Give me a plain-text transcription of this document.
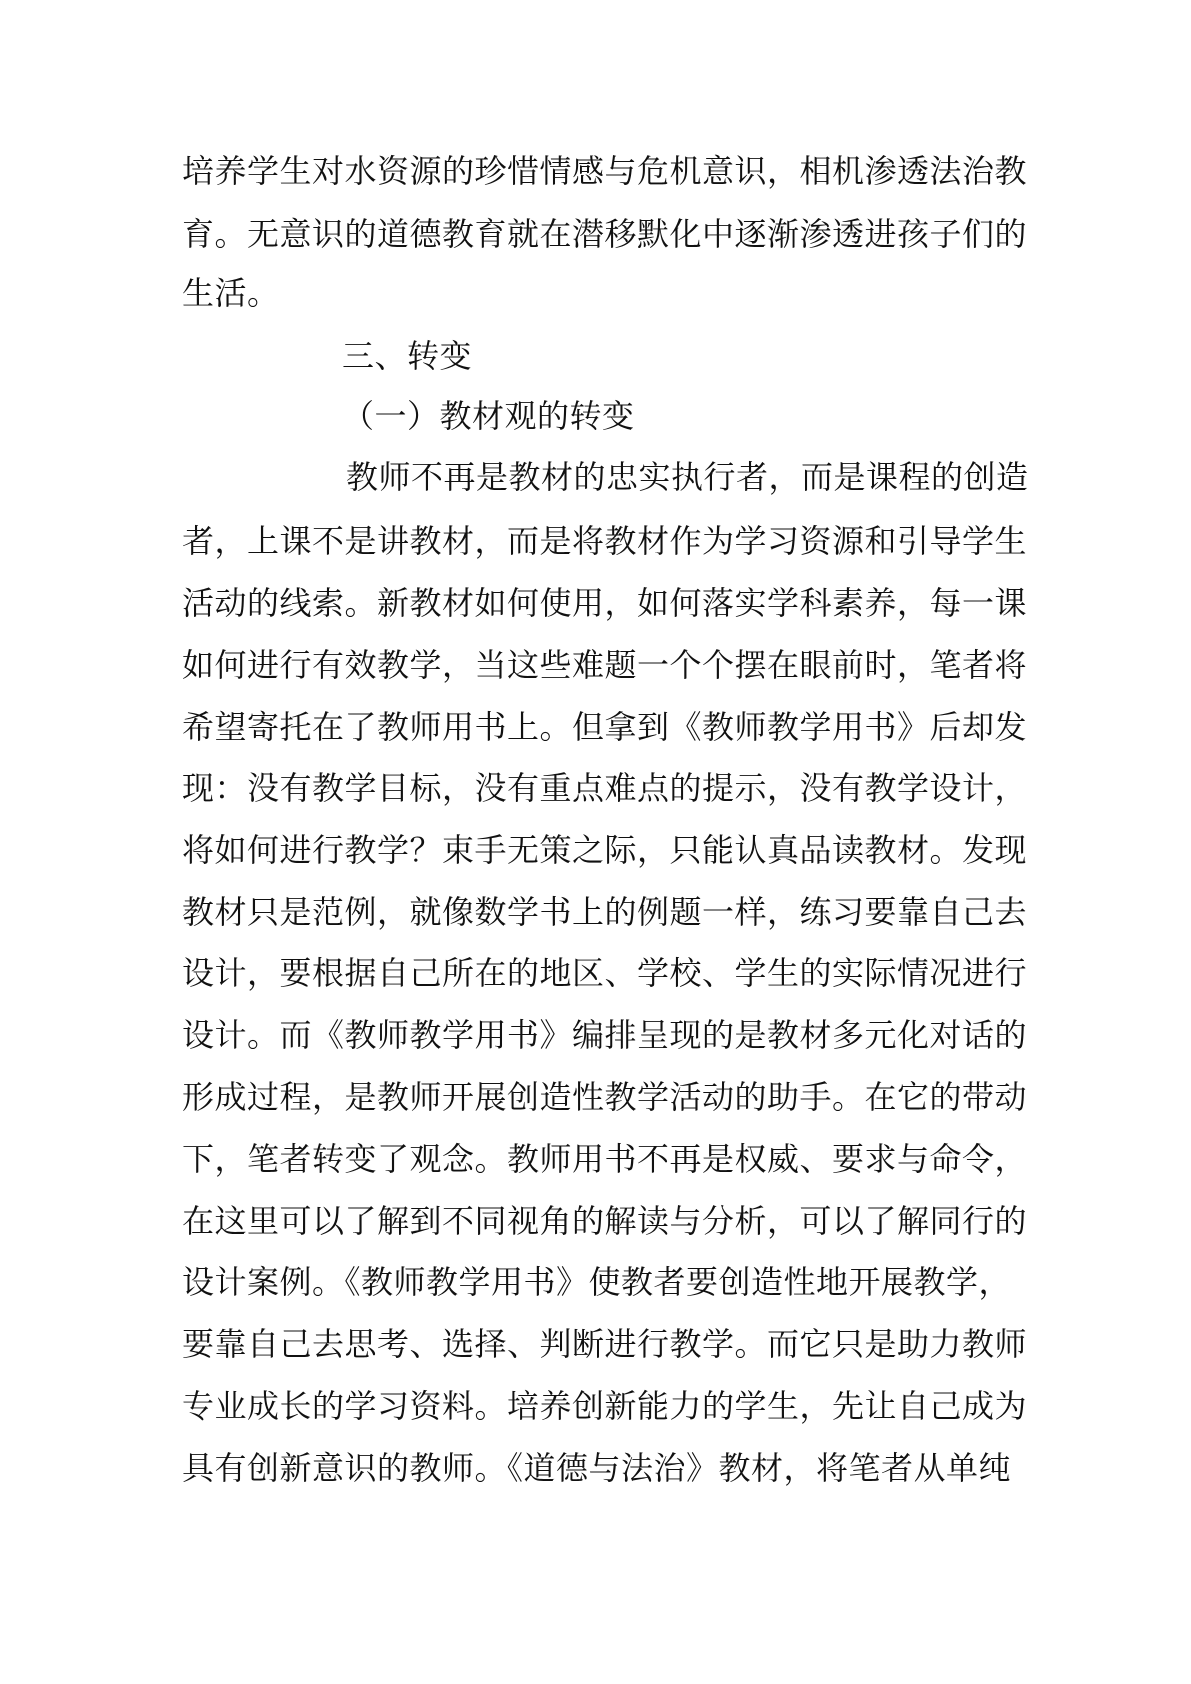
培养学生对水资源的珍惜情感与危机意识，相机渗透法治教
育。无意识的道德教育就在潜移默化中逐渐渗透进孩子们的
生活。
三、转变
（一）教材观的转变
教师不再是教材的忠实执行者，而是课程的创造
者，上课不是讲教材，而是将教材作为学习资源和引导学生
活动的线索。新教材如何使用，如何落实学科素养，每一课
如何进行有效教学，当这些难题一个个摆在眼前时，笔者将
希望寄托在了教师用书上。但拿到《教师教学用书》后却发
现：没有教学目标，没有重点难点的提示，没有教学设计，
将如何进行教学？束手无策之际，只能认真品读教材。发现
教材只是范例，就像数学书上的例题一样，练习要靠自己去
设计，要根据自己所在的地区、学校、学生的实际情况进行
设计。而《教师教学用书》编排呈现的是教材多元化对话的
形成过程，是教师开展创造性教学活动的助手。在它的带动
下，笔者转变了观念。教师用书不再是权威、要求与命令，
在这里可以了解到不同视角的解读与分析，可以了解同行的
设计案例。《教师教学用书》使教者要创造性地开展教学，
要靠自己去思考、选择、判断进行教学。而它只是助力教师
专业成长的学习资料。培养创新能力的学生，先让自己成为
具有创新意识的教师。《道德与法治》教材，将笔者从单纯
